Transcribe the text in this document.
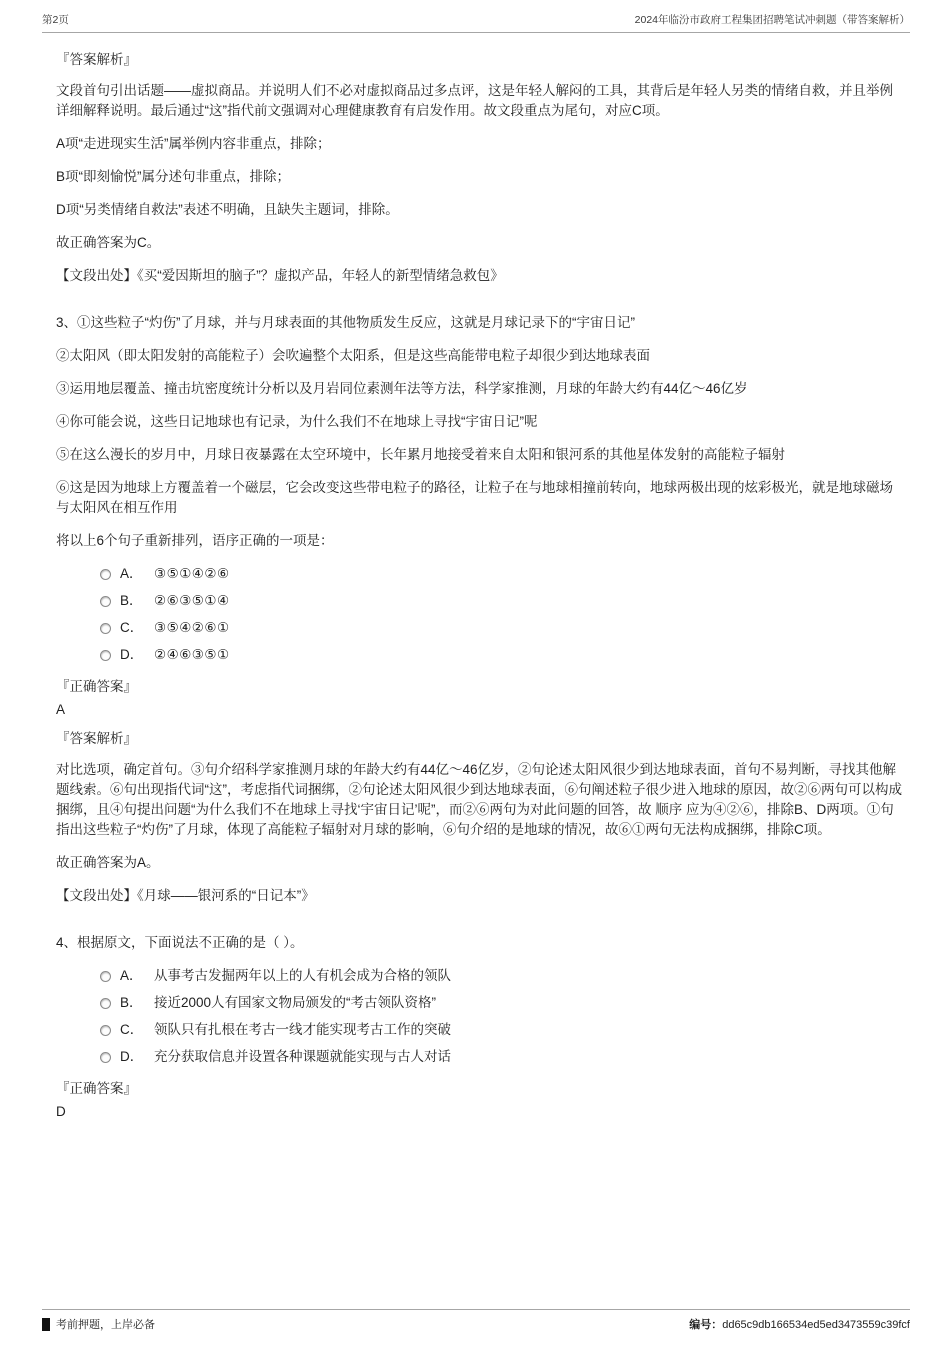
第2页	2024年临汾市政府工程集团招聘笔试冲刺题（带答案解析）
『答案解析』
文段首句引出话题——虚拟商品。并说明人们不必对虚拟商品过多点评，这是年轻人解闷的工具，其背后是年轻人另类的情绪自救，并且举例详细解释说明。最后通过“这”指代前文强调对心理健康教育有启发作用。故文段重点为尾句，对应C项。
A项“走进现实生活”属举例内容非重点，排除；
B项“即刻愉悦”属分述句非重点，排除；
D项“另类情绪自救法”表述不明确，且缺失主题词，排除。
故正确答案为C。
【文段出处】《买“爱因斯坦的脑子”？虚拟产品，年轻人的新型情绪急救包》
3、①这些粒子“灼伤”了月球，并与月球表面的其他物质发生反应，这就是月球记录下的“宇宙日记”
②太阳风（即太阳发射的高能粒子）会吹遍整个太阳系，但是这些高能带电粒子却很少到达地球表面
③运用地层覆盖、撞击坑密度统计分析以及月岩同位素测年法等方法，科学家推测，月球的年龄大约有44亿～46亿岁
④你可能会说，这些日记地球也有记录，为什么我们不在地球上寻找“宇宙日记”呢
⑤在这么漫长的岁月中，月球日夜暴露在太空环境中，长年累月地接受着来自太阳和银河系的其他星体发射的高能粒子辐射
⑥这是因为地球上方覆盖着一个磁层，它会改变这些带电粒子的路径，让粒子在与地球相撞前转向，地球两极出现的炫彩极光，就是地球磁场与太阳风在相互作用
将以上6个句子重新排列，语序正确的一项是：
A． ③⑤①④②⑥
B． ②⑥③⑤①④
C． ③⑤④②⑥①
D． ②④⑥③⑤①
『正确答案』
A
『答案解析』
对比选项，确定首句。③句介绍科学家推测月球的年龄大约有44亿～46亿岁，②句论述太阳风很少到达地球表面，首句不易判断，寻找其他解题线索。⑥句出现指代词“这”，考虑指代词捆绑，②句论述太阳风很少到达地球表面，⑥句阐述粒子很少进入地球的原因，故②⑥两句可以构成捆绑，且④句提出问题“为什么我们不在地球上寻找‘宇宙日记’呢”，而②⑥两句为对此问题的回答，故 顺序 应为④②⑥，排除B、D两项。①句指出这些粒子“灼伤”了月球，体现了高能粒子辐射对月球的影响，⑥句介绍的是地球的情况，故⑥①两句无法构成捆绑，排除C项。
故正确答案为A。
【文段出处】《月球——银河系的“日记本”》
4、根据原文，下面说法不正确的是（ ）。
A． 从事考古发掘两年以上的人有机会成为合格的领队
B． 接近2000人有国家文物局颁发的“考古领队资格”
C． 领队只有扎根在考古一线才能实现考古工作的突破
D． 充分获取信息并设置各种课题就能实现与古人对话
『正确答案』
D
考前押题，上岸必备	编号：dd65c9db166534ed5ed3473559c39fcf
